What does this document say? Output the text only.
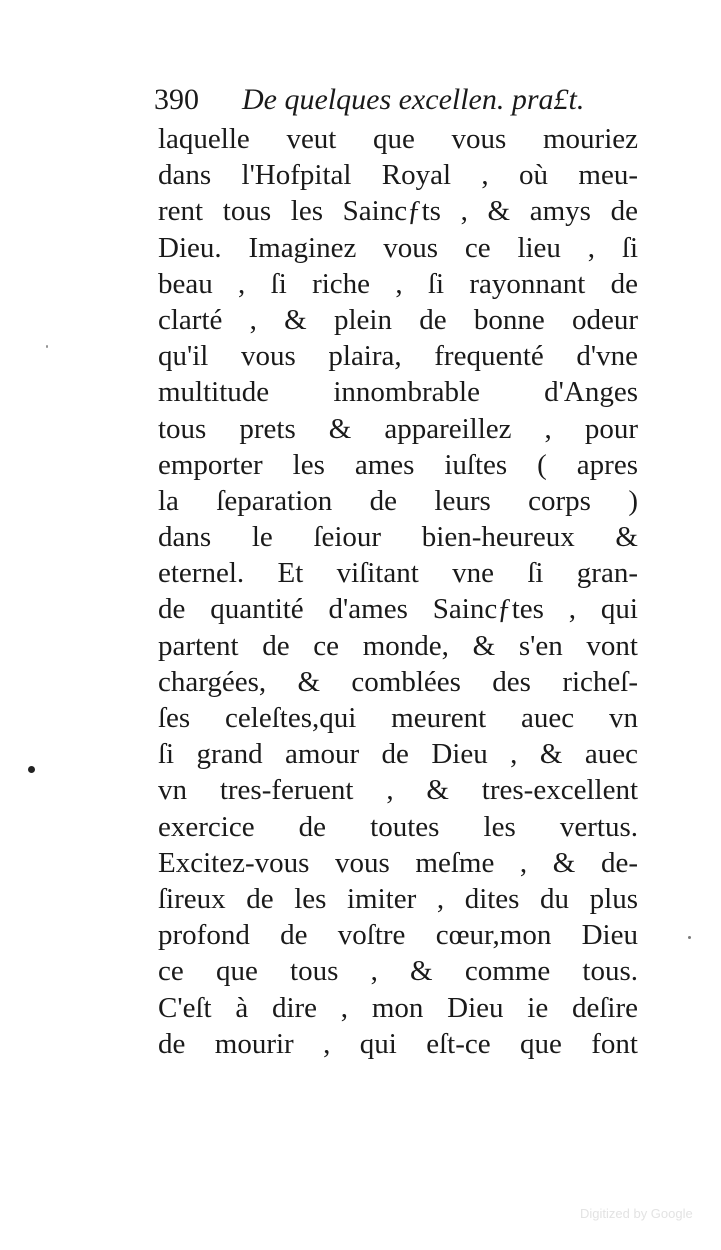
390 De quelques excellen. pra£t.
laquelle veut que vous mouriez
dans l'Hofpital Royal , où meu-
rent tous les Saincƒts , & amys de
Dieu. Imaginez vous ce lieu , ſi
beau , ſi riche , ſi rayonnant de
clarté , & plein de bonne odeur
qu'il vous plaira, frequenté d'vne
multitude innombrable d'Anges
tous prets & appareillez , pour
emporter les ames iuſtes ( apres
la ſeparation de leurs corps )
dans le ſeiour bien-heureux &
eternel. Et viſitant vne ſi gran-
de quantité d'ames Saincƒtes , qui
partent de ce monde, & s'en vont
chargées, & comblées des richeſ-
ſes celeſtes,qui meurent auec vn
ſi grand amour de Dieu , & auec
vn tres-feruent , & tres-excellent
exercice de toutes les vertus.
Excitez-vous vous meſme , & de-
ſireux de les imiter , dites du plus
profond de voſtre cœur,mon Dieu
ce que tous , & comme tous.
C'eſt à dire , mon Dieu ie deſire
de mourir , qui eſt-ce que font
Digitized by Google
